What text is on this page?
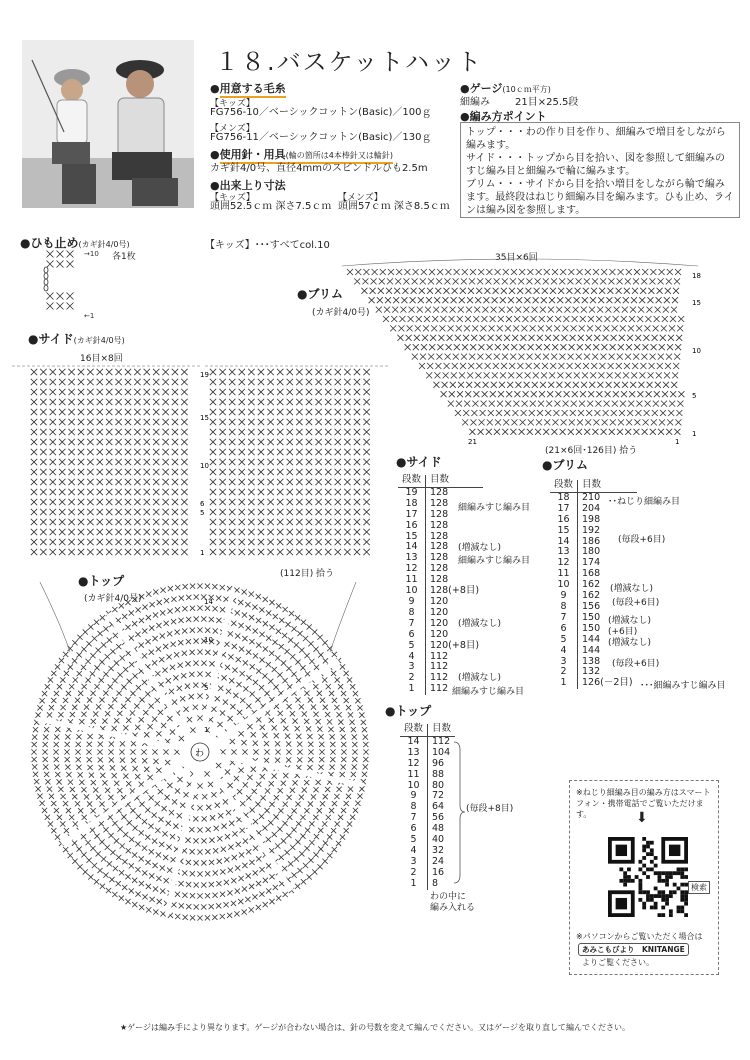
１８.バスケットハット
●用意する毛糸
【キッズ】
FG756-10／ベーシックコットン(Basic)／100ｇ
【メンズ】
FG756-11／ベーシックコットン(Basic)／130ｇ
●使用針・用具(輪の箇所は4本棒針又は輪針)
カギ針4/0号、直径4mmのスピンドルひも2.5m
●出来上り寸法
【キッズ】	【メンズ】
頭囲52.5ｃｍ 深さ7.5ｃｍ 頭囲57ｃｍ 深さ8.5ｃｍ
●ゲージ(10ｃｍ平方)
細編み	21目×25.5段
●編み方ポイント

トップ・・・わの作り目を作り、細編みで増目をしながら編みます。

サイド・・・トップから目を拾い、図を参照して細編みのすじ編み目と細編みで輪に編みます。

ブリム・・・サイドから目を拾い増目をしながら輪で編みます。最終段はねじり細編み目を編みます。ひも止め、ラインは編み図を参照します。

●ひも止め(カギ針4/0号)
各1枚
【キッズ】･･･すべてcol.10
→10
←1
●サイド(カギ針4/0号)
16目×8回
19
15
10
6
5
1
(112目) 拾う
●ブリム
(カギ針4/0号)
35目×6回
18
15
10
5
1
21	1
(21×6回･126目) 拾う
●トップ
(カギ針4/0号)
わ
14
10
5
1
●サイド
段数	目数
19	128
18	128
17	128
16	128
15	128
14	128
13	128
12	128
11	128
10	128(+8目)
9	120
8	120
7	120
6	120
5	120(+8目)
4	112
3	112
2	112
1	112
細編みすじ編み目
(増減なし)
細編みすじ編み目
(増減なし)
(増減なし)
細編みすじ編み目
●ブリム
段数	目数
18	210
17	204
16	198
15	192
14	186
13	180
12	174
11	168
10	162
9	162
8	156
7	150
6	150
5	144
4	144
3	138
2	132
1	126(－2目)
･･ねじり細編み目
(毎段+6目)
(増減なし)
(毎段+6目)
(増減なし)
(+6目)
(増減なし)
(毎段+6目)
･･･細編みすじ編み目
●トップ
段数	目数
14	112
13	104
12	96
11	88
10	80
9	72
8	64
7	56
6	48
5	40
4	32
3	24
2	16
1	8
(毎段+8目)
わの中に
編み入れる
※ねじり細編み目の編み方はスマートフォン・携帯電話でご覧いただけます。	⬇
検索
※パソコンからご覧いただく場合は
あみこもびより　KNITANGE
よりご覧ください。
★ゲージは編み手により異なります。ゲージが合わない場合は、針の号数を変えて編んでください。又はゲージを取り直して編んでください。
